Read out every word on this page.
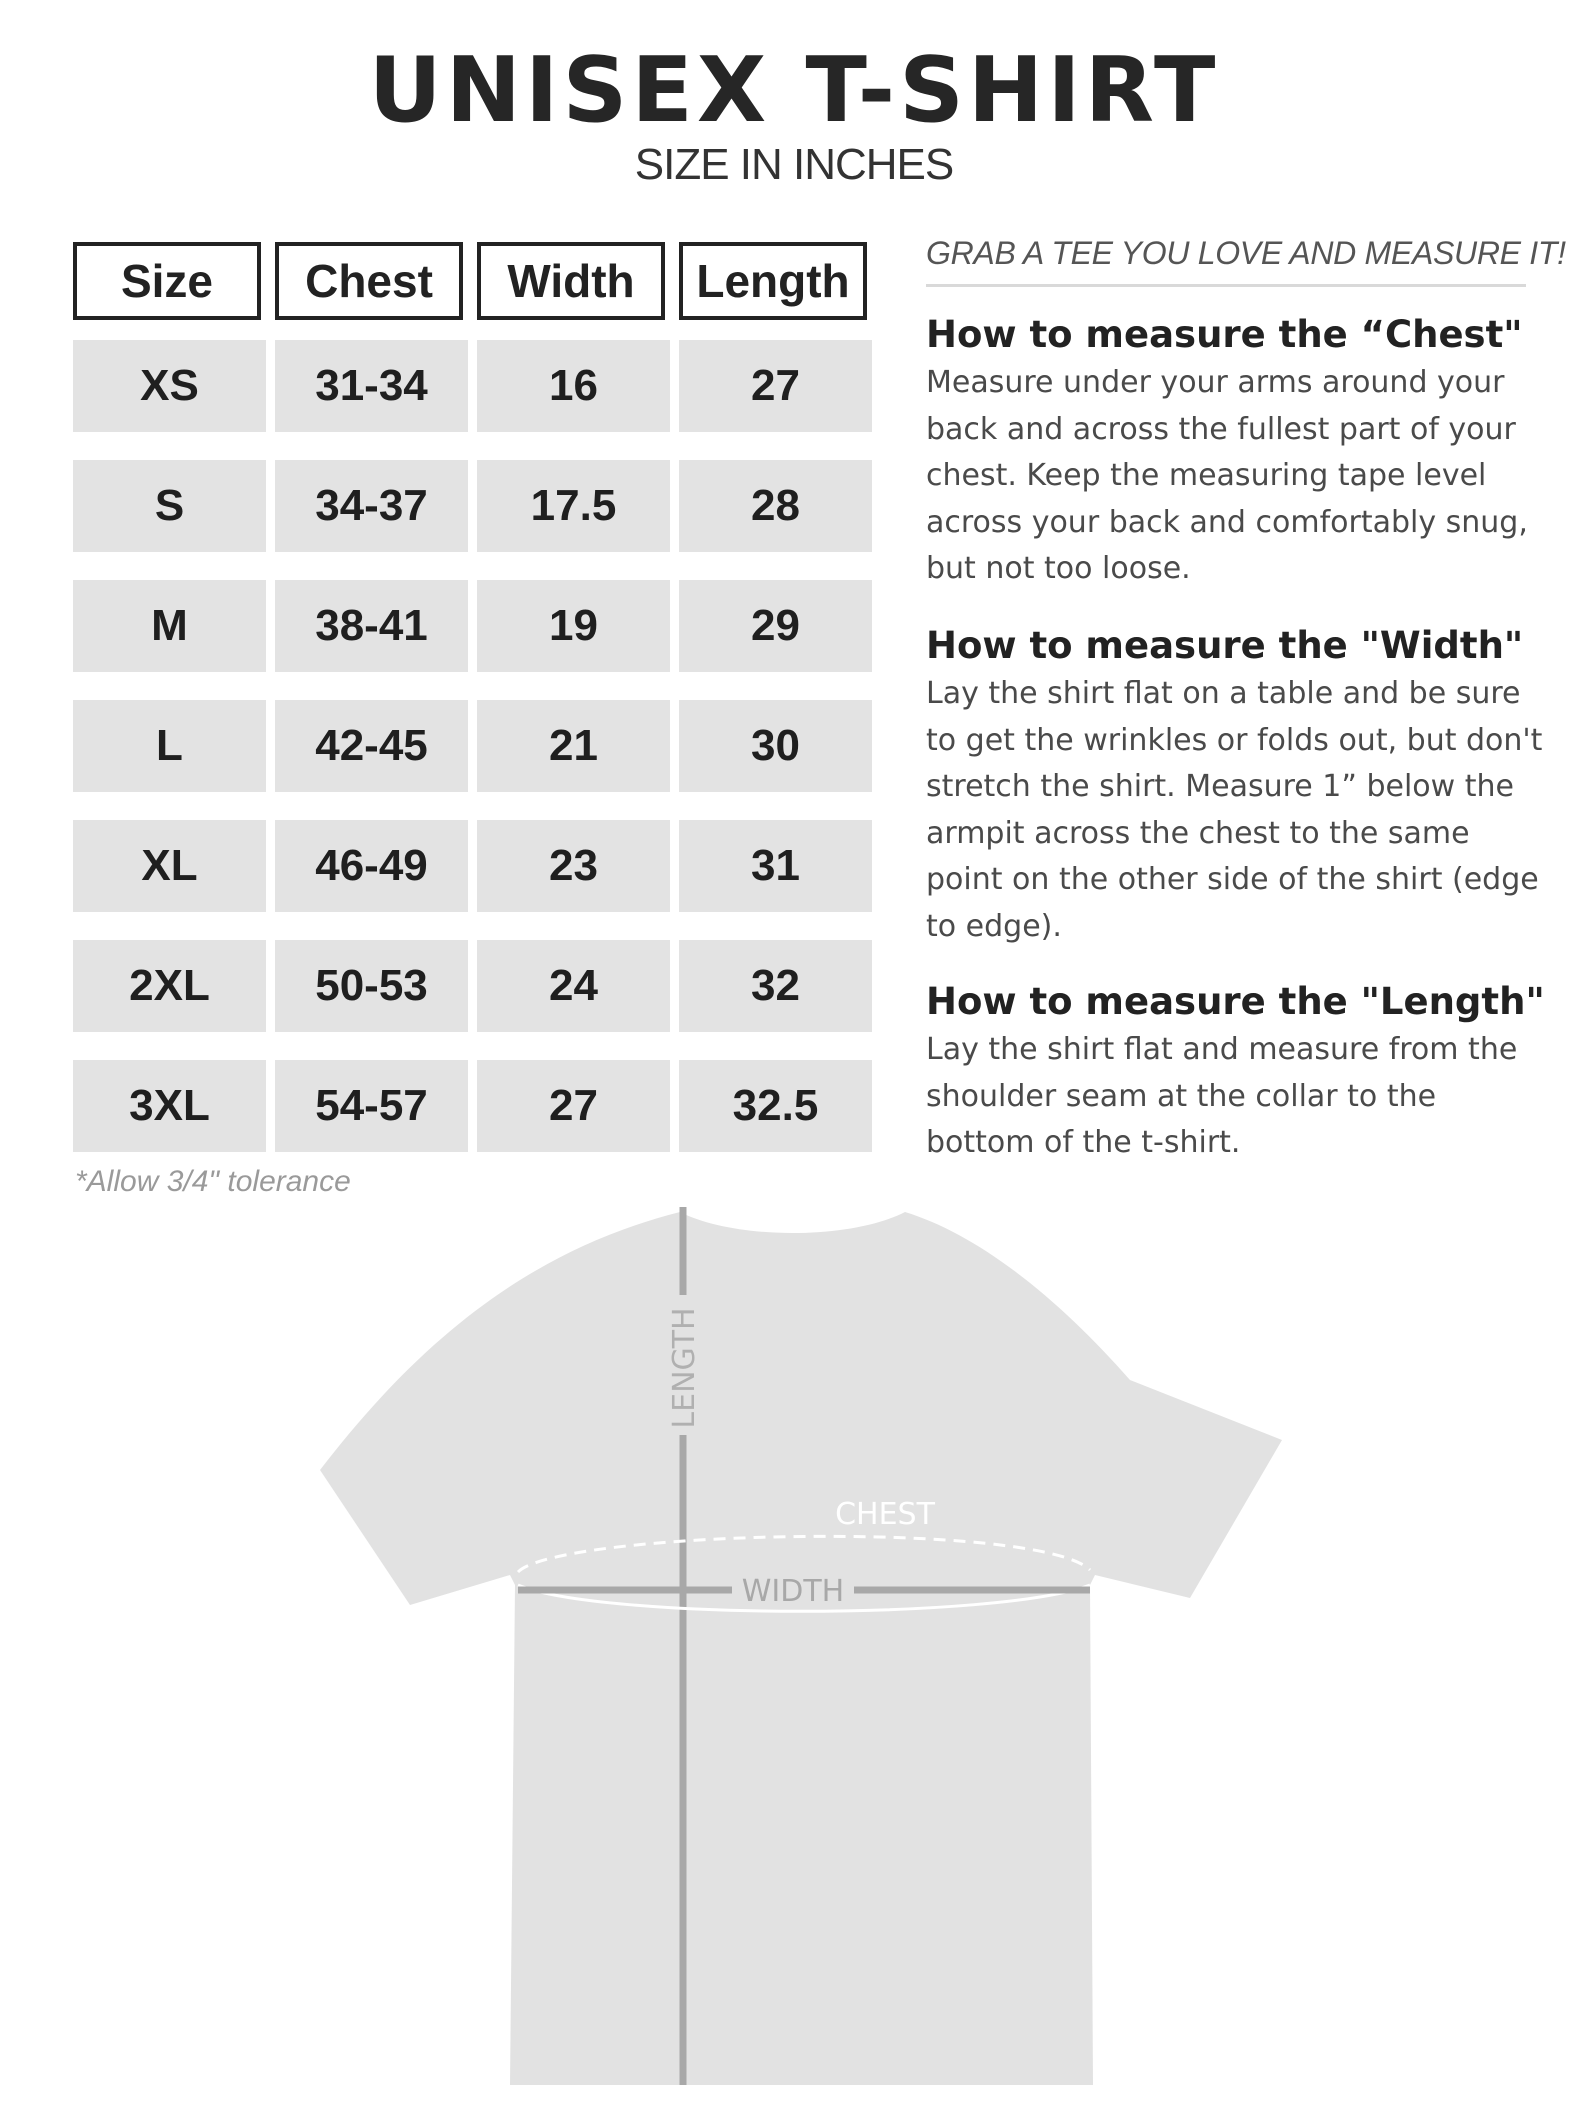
UNISEX T-SHIRT
SIZE IN INCHES
Size	Chest	Width	Length
XS	31-34	16	27
S	34-37	17.5	28
M	38-41	19	29
L	42-45	21	30
XL	46-49	23	31
2XL	50-53	24	32
3XL	54-57	27	32.5
*Allow 3/4" tolerance

GRAB A TEE YOU LOVE AND MEASURE IT!

How to measure the “Chest"

Measure under your arms around your back and across the fullest part of your chest. Keep the measuring tape level across your back and comfortably snug, but not too loose.

How to measure the "Width"

Lay the shirt flat on a table and be sure to get the wrinkles or folds out, but don't stretch the shirt. Measure 1” below the armpit across the chest to the same point on the other side of the shirt (edge to edge).

How to measure the "Length"

Lay the shirt flat and measure from the shoulder seam at the collar to the bottom of the t-shirt.

LENGTH
CHEST
WIDTH
